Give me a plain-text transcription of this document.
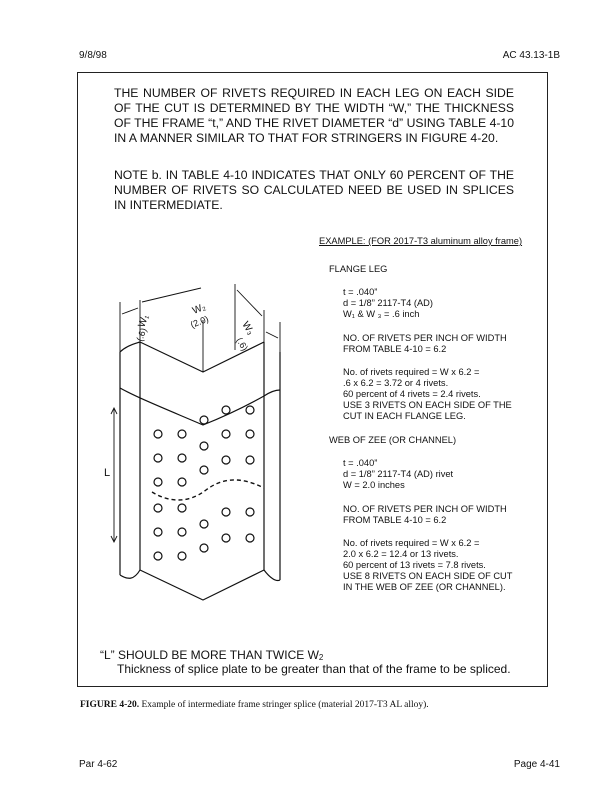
9/8/98	AC 43.13-1B

THE NUMBER OF RIVETS REQUIRED IN EACH LEG ON EACH SIDE OF THE CUT IS DETERMINED BY THE WIDTH “W,” THE THICKNESS OF THE FRAME “t,” AND THE RIVET DIAMETER “d” USING TABLE 4-10 IN A MANNER SIMILAR TO THAT FOR STRINGERS IN FIGURE 4-20.

NOTE b. IN TABLE 4-10 INDICATES THAT ONLY 60 PERCENT OF THE NUMBER OF RIVETS SO CALCULATED NEED BE USED IN SPLICES IN INTERMEDIATE.

EXAMPLE: (FOR 2017-T3 aluminum alloy frame)
FLANGE LEG
t = .040”
d = 1/8” 2117-T4 (AD)
W₁ & W ₃ = .6 inch
NO. OF RIVETS PER INCH OF WIDTH
FROM TABLE 4-10 = 6.2
No. of rivets required = W x 6.2 =
.6 x 6.2 = 3.72 or 4 rivets.
60 percent of 4 rivets = 2.4 rivets.
USE 3 RIVETS ON EACH SIDE OF THE
CUT IN EACH FLANGE LEG.
WEB OF ZEE (OR CHANNEL)
t = .040”
d = 1/8” 2117-T4 (AD) rivet
W = 2.0 inches
NO. OF RIVETS PER INCH OF WIDTH
FROM TABLE 4-10 = 6.2
No. of rivets required = W x 6.2 =
2.0 x 6.2 = 12.4 or 13 rivets.
60 percent of 13 rivets = 7.8 rivets.
USE 8 RIVETS ON EACH SIDE OF CUT
IN THE WEB OF ZEE (OR CHANNEL).
W₁
(.6)
W₂
(2.0)	W₃
(.6)
L
“L” SHOULD BE MORE THAN TWICE $W_2$
Thickness of splice plate to be greater than that of the frame to be spliced.
FIGURE 4-20. Example of intermediate frame stringer splice (material 2017-T3 AL alloy).
Par 4-62	Page 4-41
